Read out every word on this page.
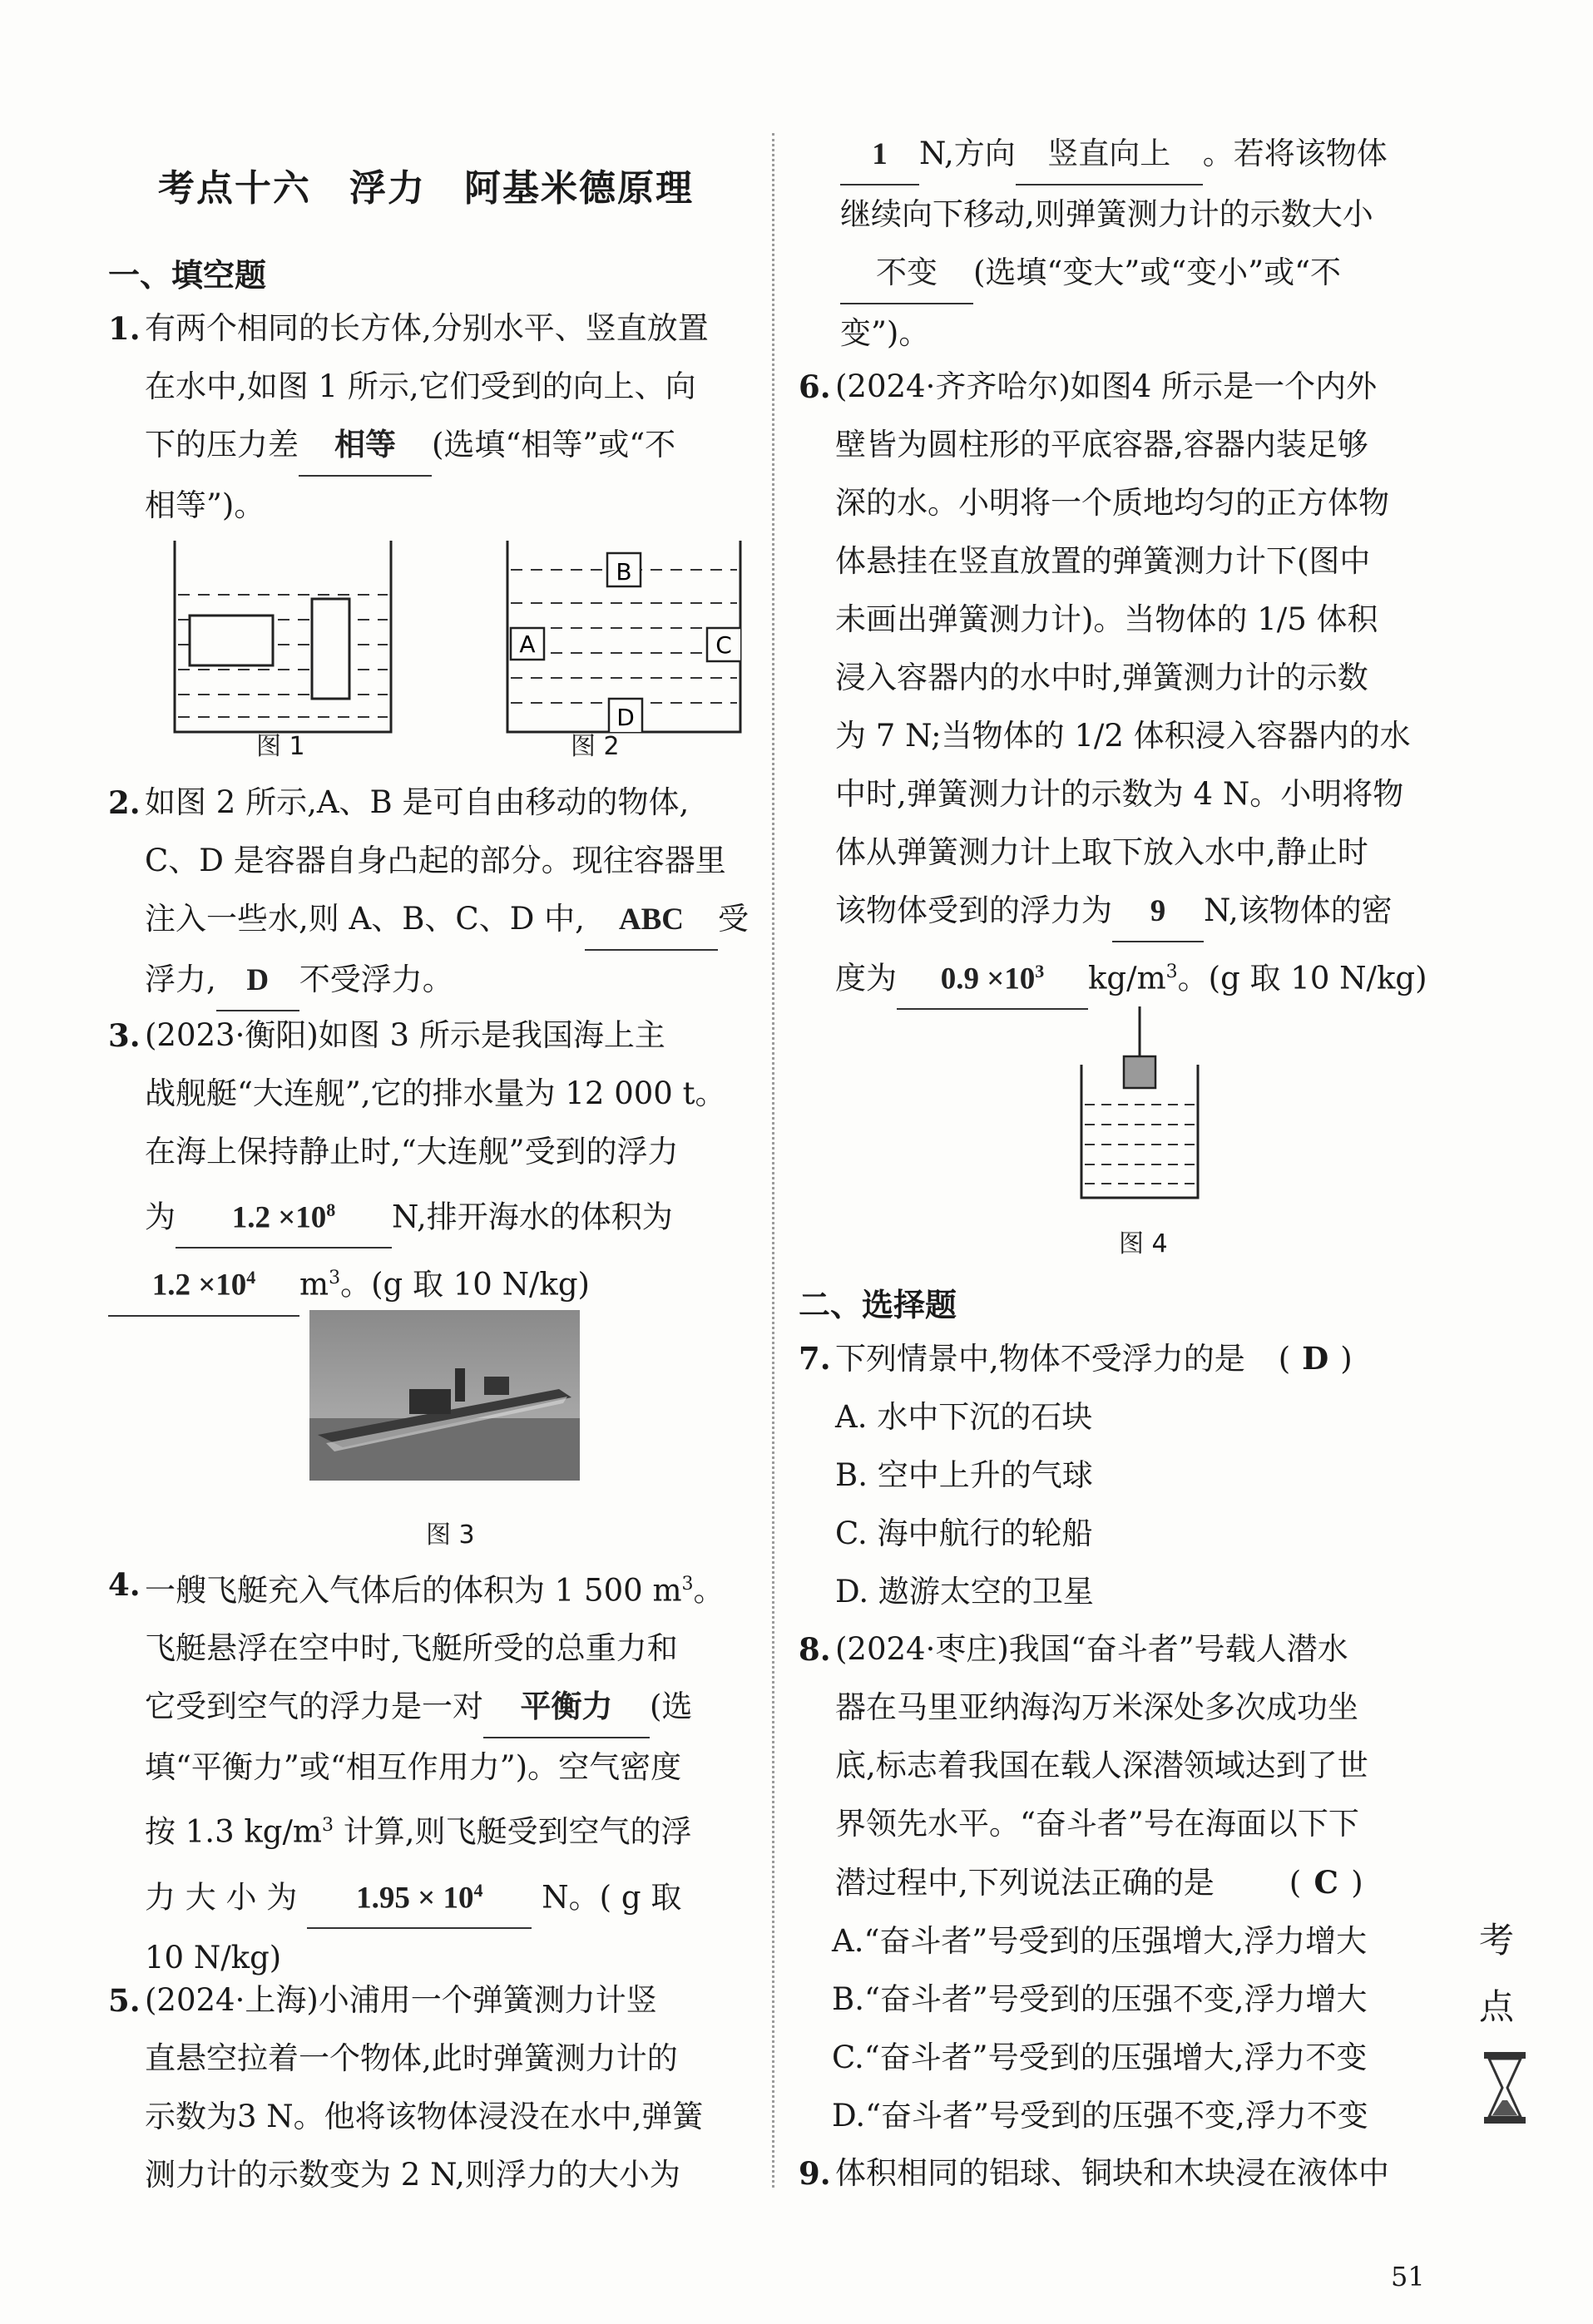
考点十六　浮力　阿基米德原理
一、填空题
1. 有两个相同的长方体,分别水平、竖直放置
在水中,如图 1 所示,它们受到的向上、向
下的压力差 相等 (选填“相等”或“不
相等”)。
B
A	C
D
图 1	图 2
2. 如图 2 所示,A、B 是可自由移动的物体,
C、D 是容器自身凸起的部分。现往容器里
注入一些水,则 A、B、C、D 中, ABC 受
浮力, D 不受浮力。
3. (2023·衡阳)如图 3 所示是我国海上主
战舰艇“大连舰”,它的排水量为 12 000 t。
在海上保持静止时,“大连舰”受到的浮力
为 $1.2 \times 10^8$ N,排开海水的体积为
$1.2 \times 10^4$ $m^3$。(g 取 10 N/kg)
图 3
4. 一艘飞艇充入气体后的体积为 1 500 $m^3$。
飞艇悬浮在空中时,飞艇所受的总重力和
它受到空气的浮力是一对 平衡力 (选
填“平衡力”或“相互作用力”)。空气密度
按 1.3 $kg/m^3$ 计算,则飞艇受到空气的浮
力 大 小 为 $1.95 \times 10^4$ N。( g 取
10 N/kg)
5. (2024·上海)小浦用一个弹簧测力计竖
直悬空拉着一个物体,此时弹簧测力计的
示数为3 N。他将该物体浸没在水中,弹簧
测力计的示数变为 2 N,则浮力的大小为
1 N,方向 竖直向上 。若将该物体
继续向下移动,则弹簧测力计的示数大小
不变 (选填“变大”或“变小”或“不
变”)。
6. (2024·齐齐哈尔)如图4 所示是一个内外
壁皆为圆柱形的平底容器,容器内装足够
深的水。小明将一个质地均匀的正方体物
体悬挂在竖直放置的弹簧测力计下(图中
未画出弹簧测力计)。当物体的 1/5 体积
浸入容器内的水中时,弹簧测力计的示数
为 7 N;当物体的 1/2 体积浸入容器内的水
中时,弹簧测力计的示数为 4 N。小明将物
体从弹簧测力计上取下放入水中,静止时
该物体受到的浮力为 9 N,该物体的密
度为 $0.9 \times 10^3$ $kg/m^3$。(g 取 10 N/kg)
图 4
二、选择题
7. 下列情景中,物体不受浮力的是 ( D )
A. 水中下沉的石块
B. 空中上升的气球
C. 海中航行的轮船
D. 遨游太空的卫星
8. (2024·枣庄)我国“奋斗者”号载人潜水
器在马里亚纳海沟万米深处多次成功坐
底,标志着我国在载人深潜领域达到了世
界领先水平。“奋斗者”号在海面以下下
潜过程中,下列说法正确的是 ( C )
A.“奋斗者”号受到的压强增大,浮力增大
B.“奋斗者”号受到的压强不变,浮力增大
C.“奋斗者”号受到的压强增大,浮力不变
D.“奋斗者”号受到的压强不变,浮力不变
9. 体积相同的铝球、铜块和木块浸在液体中
考
点
51
